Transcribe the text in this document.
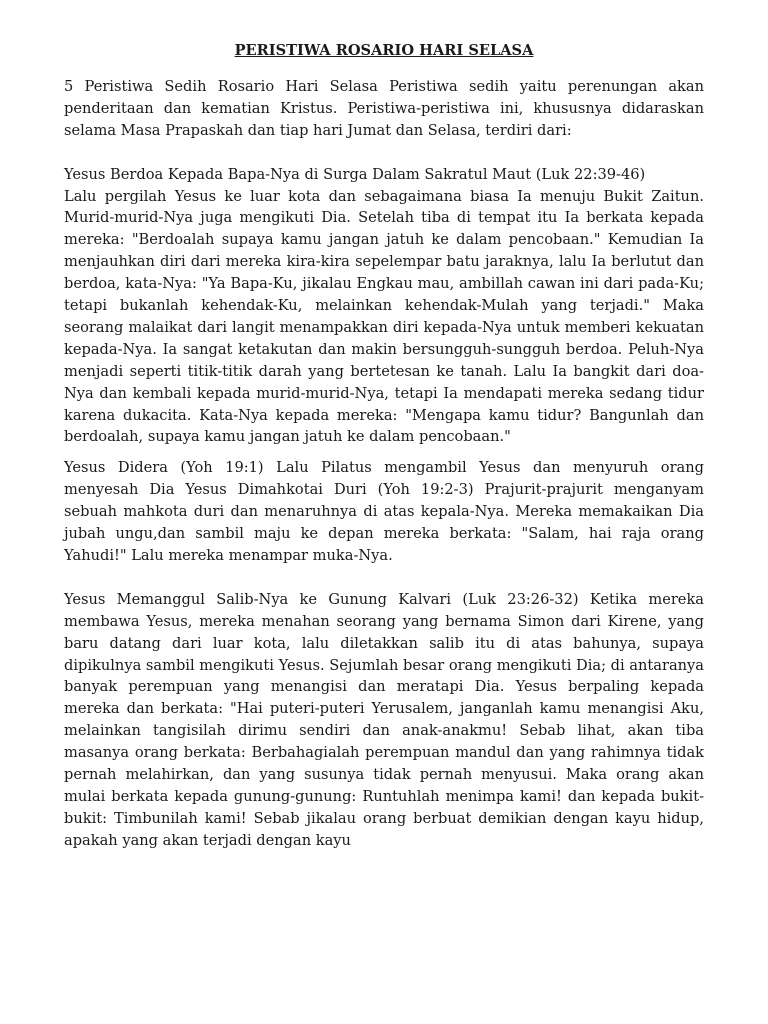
PERISTIWA ROSARIO HARI SELASA

5 Peristiwa Sedih Rosario Hari Selasa Peristiwa sedih yaitu perenungan akan penderitaan dan kematian Kristus. Peristiwa-peristiwa ini, khususnya didaraskan selama Masa Prapaskah dan tiap hari Jumat dan Selasa, terdiri dari:

Yesus Berdoa Kepada Bapa-Nya di Surga Dalam Sakratul Maut (Luk 22:39-46)

Lalu pergilah Yesus ke luar kota dan sebagaimana biasa Ia menuju Bukit Zaitun. Murid-murid-Nya juga mengikuti Dia. Setelah tiba di tempat itu Ia berkata kepada mereka: "Berdoalah supaya kamu jangan jatuh ke dalam pencobaan." Kemudian Ia menjauhkan diri dari mereka kira-kira sepelempar batu jaraknya, lalu Ia berlutut dan berdoa, kata-Nya: "Ya Bapa-Ku, jikalau Engkau mau, ambillah cawan ini dari pada-Ku; tetapi bukanlah kehendak-Ku, melainkan kehendak-Mulah yang terjadi." Maka seorang malaikat dari langit menampakkan diri kepada-Nya untuk memberi kekuatan kepada-Nya. Ia sangat ketakutan dan makin bersungguh-sungguh berdoa. Peluh-Nya menjadi seperti titik-titik darah yang bertetesan ke tanah. Lalu Ia bangkit dari doa-Nya dan kembali kepada murid-murid-Nya, tetapi Ia mendapati mereka sedang tidur karena dukacita. Kata-Nya kepada mereka: "Mengapa kamu tidur? Bangunlah dan berdoalah, supaya kamu jangan jatuh ke dalam pencobaan."

Yesus Didera (Yoh 19:1) Lalu Pilatus mengambil Yesus dan menyuruh orang menyesah Dia Yesus Dimahkotai Duri (Yoh 19:2-3) Prajurit-prajurit menganyam sebuah mahkota duri dan menaruhnya di atas kepala-Nya. Mereka memakaikan Dia jubah ungu,dan sambil maju ke depan mereka berkata: "Salam, hai raja orang Yahudi!" Lalu mereka menampar muka-Nya.

Yesus Memanggul Salib-Nya ke Gunung Kalvari (Luk 23:26-32) Ketika mereka membawa Yesus, mereka menahan seorang yang bernama Simon dari Kirene, yang baru datang dari luar kota, lalu diletakkan salib itu di atas bahunya, supaya dipikulnya sambil mengikuti Yesus. Sejumlah besar orang mengikuti Dia; di antaranya banyak perempuan yang menangisi dan meratapi Dia. Yesus berpaling kepada mereka dan berkata: "Hai puteri-puteri Yerusalem, janganlah kamu menangisi Aku, melainkan tangisilah dirimu sendiri dan anak-anakmu! Sebab lihat, akan tiba masanya orang berkata: Berbahagialah perempuan mandul dan yang rahimnya tidak pernah melahirkan, dan yang susunya tidak pernah menyusui. Maka orang akan mulai berkata kepada gunung-gunung: Runtuhlah menimpa kami! dan kepada bukit-bukit: Timbunilah kami! Sebab jikalau orang berbuat demikian dengan kayu hidup, apakah yang akan terjadi dengan kayu
